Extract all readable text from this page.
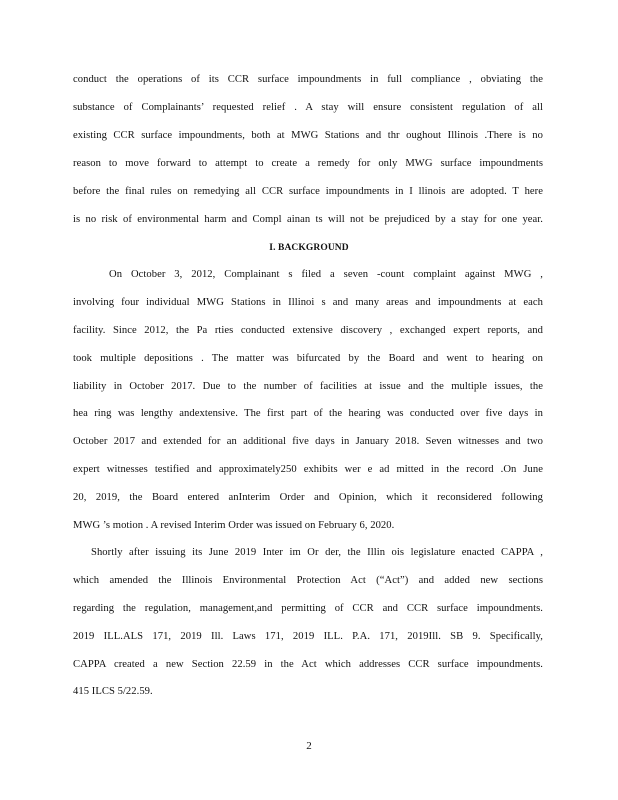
conduct the operations of its CCR surface impoundments in full compliance , obviating the
substance of Complainants’ requested relief . A stay will ensure consistent regulation of all
existing CCR surface impoundments, both at MWG Stations and thr oughout Illinois .There is no
reason to move forward to attempt to create a remedy for only MWG surface impoundments
before the final rules on remedying all CCR surface impoundments in I llinois are adopted. T here
is no risk of environmental harm and Compl ainan ts will not be prejudiced by a stay for one year.
I. BACKGROUND
On October 3, 2012, Complainant s filed a seven -count complaint against MWG ,
involving four individual MWG Stations in Illinoi s and many areas and impoundments at each
facility. Since 2012, the Pa rties conducted extensive discovery , exchanged expert reports, and
took multiple depositions . The matter was bifurcated by the Board and went to hearing on
liability in October 2017. Due to the number of facilities at issue and the multiple issues, the
hea ring was lengthy andextensive. The first part of the hearing was conducted over five days in
October 2017 and extended for an additional five days in January 2018. Seven witnesses and two
expert witnesses testified and approximately250 exhibits wer e ad mitted in the record .On June
20, 2019, the Board entered anInterim Order and Opinion, which it reconsidered following
MWG ’s motion . A revised Interim Order was issued on February 6, 2020.
Shortly after issuing its June 2019 Inter im Or der, the Illin ois legislature enacted CAPPA ,
which amended the Illinois Environmental Protection Act (“Act”) and added new sections
regarding the regulation, management,and permitting of CCR and CCR surface impoundments.
2019 ILL.ALS 171, 2019 Ill. Laws 171, 2019 ILL. P.A. 171, 2019Ill. SB 9. Specifically,
CAPPA created a new Section 22.59 in the Act which addresses CCR surface impoundments.
415 ILCS 5/22.59.
2
